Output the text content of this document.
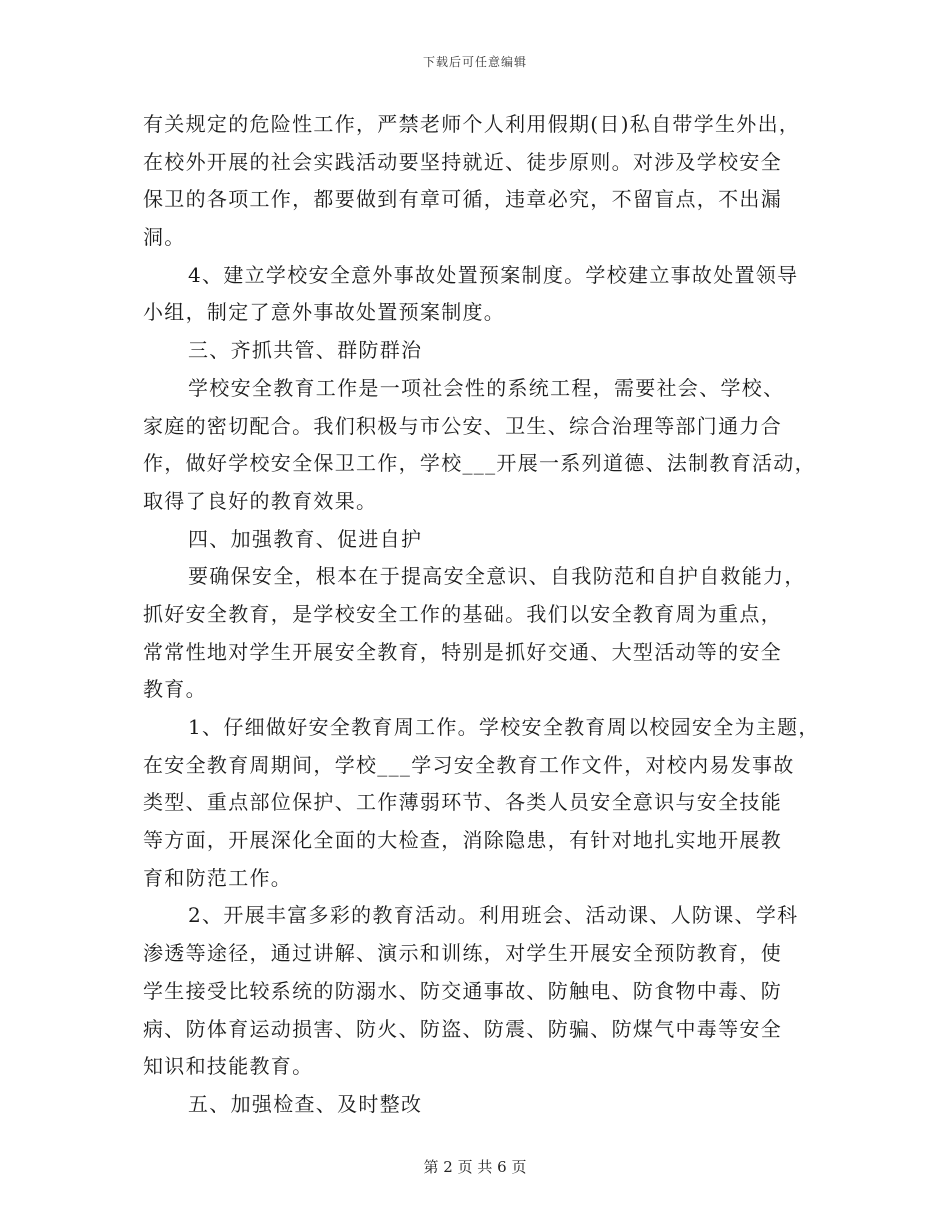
下载后可任意编辑
有关规定的危险性工作，严禁老师个人利用假期(日)私自带学生外出，
在校外开展的社会实践活动要坚持就近、徒步原则。对涉及学校安全
保卫的各项工作，都要做到有章可循，违章必究，不留盲点，不出漏
洞。
4、建立学校安全意外事故处置预案制度。学校建立事故处置领导
小组，制定了意外事故处置预案制度。
三、齐抓共管、群防群治
学校安全教育工作是一项社会性的系统工程，需要社会、学校、
家庭的密切配合。我们积极与市公安、卫生、综合治理等部门通力合
作，做好学校安全保卫工作，学校___开展一系列道德、法制教育活动，
取得了良好的教育效果。
四、加强教育、促进自护
要确保安全，根本在于提高安全意识、自我防范和自护自救能力，
抓好安全教育，是学校安全工作的基础。我们以安全教育周为重点，
常常性地对学生开展安全教育，特别是抓好交通、大型活动等的安全
教育。
1、仔细做好安全教育周工作。学校安全教育周以校园安全为主题，
在安全教育周期间，学校___学习安全教育工作文件，对校内易发事故
类型、重点部位保护、工作薄弱环节、各类人员安全意识与安全技能
等方面，开展深化全面的大检查，消除隐患，有针对地扎实地开展教
育和防范工作。
2、开展丰富多彩的教育活动。利用班会、活动课、人防课、学科
渗透等途径，通过讲解、演示和训练，对学生开展安全预防教育，使
学生接受比较系统的防溺水、防交通事故、防触电、防食物中毒、防
病、防体育运动损害、防火、防盗、防震、防骗、防煤气中毒等安全
知识和技能教育。
五、加强检查、及时整改
第 2 页 共 6 页
